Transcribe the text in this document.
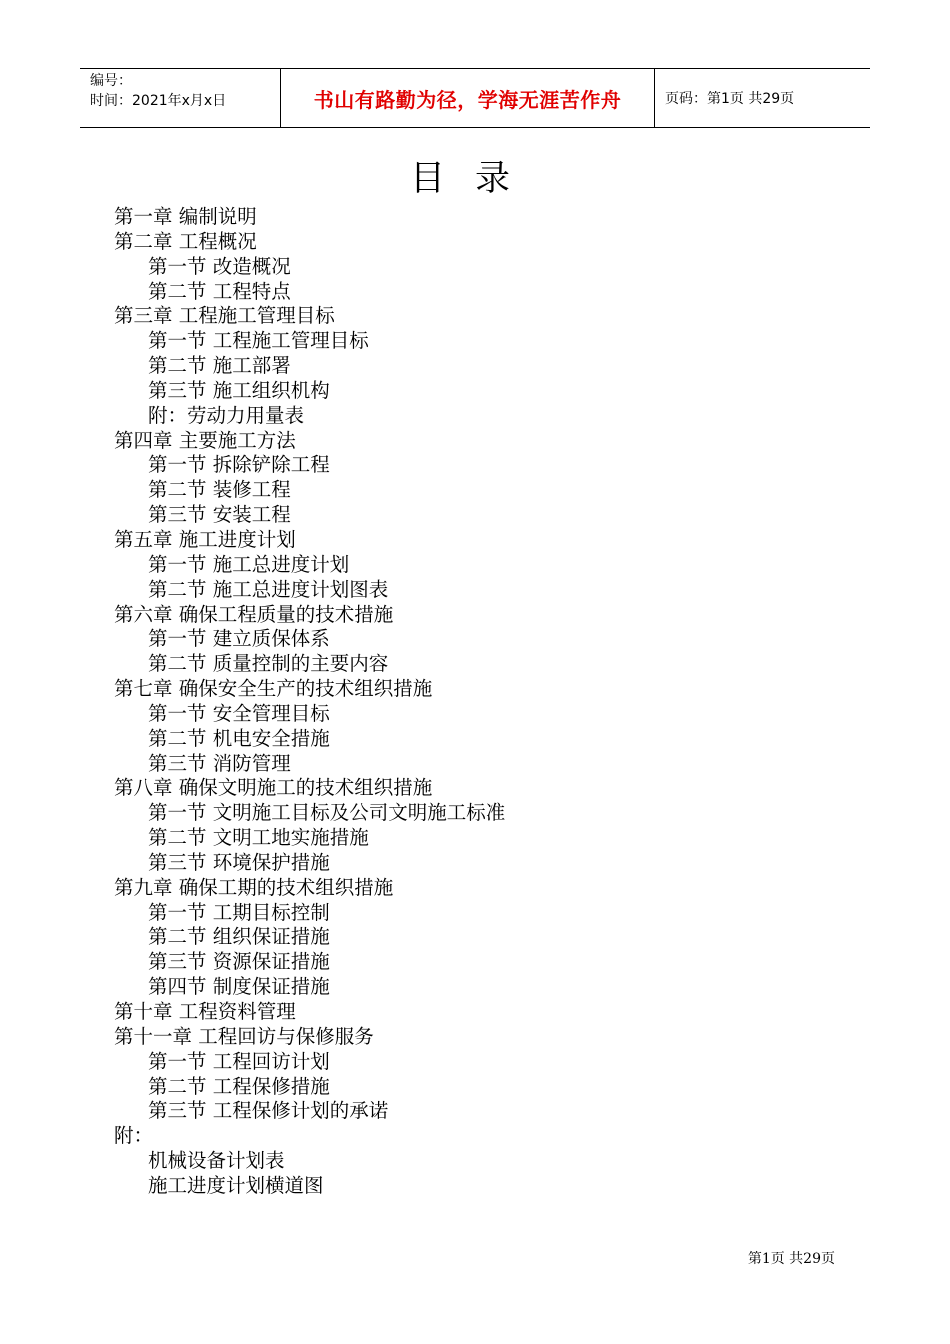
编号：
时间：2021年x月x日	书山有路勤为径，学海无涯苦作舟	页码：第1页 共29页
目录
第一章 编制说明
第二章 工程概况
第一节 改造概况
第二节 工程特点
第三章 工程施工管理目标
第一节 工程施工管理目标
第二节 施工部署
第三节 施工组织机构
附：劳动力用量表
第四章 主要施工方法
第一节 拆除铲除工程
第二节 装修工程
第三节 安装工程
第五章 施工进度计划
第一节 施工总进度计划
第二节 施工总进度计划图表
第六章 确保工程质量的技术措施
第一节 建立质保体系
第二节 质量控制的主要内容
第七章 确保安全生产的技术组织措施
第一节 安全管理目标
第二节 机电安全措施
第三节 消防管理
第八章 确保文明施工的技术组织措施
第一节 文明施工目标及公司文明施工标准
第二节 文明工地实施措施
第三节 环境保护措施
第九章 确保工期的技术组织措施
第一节 工期目标控制
第二节 组织保证措施
第三节 资源保证措施
第四节 制度保证措施
第十章 工程资料管理
第十一章 工程回访与保修服务
第一节 工程回访计划
第二节 工程保修措施
第三节 工程保修计划的承诺
附：
机械设备计划表
施工进度计划横道图
第1页 共29页
